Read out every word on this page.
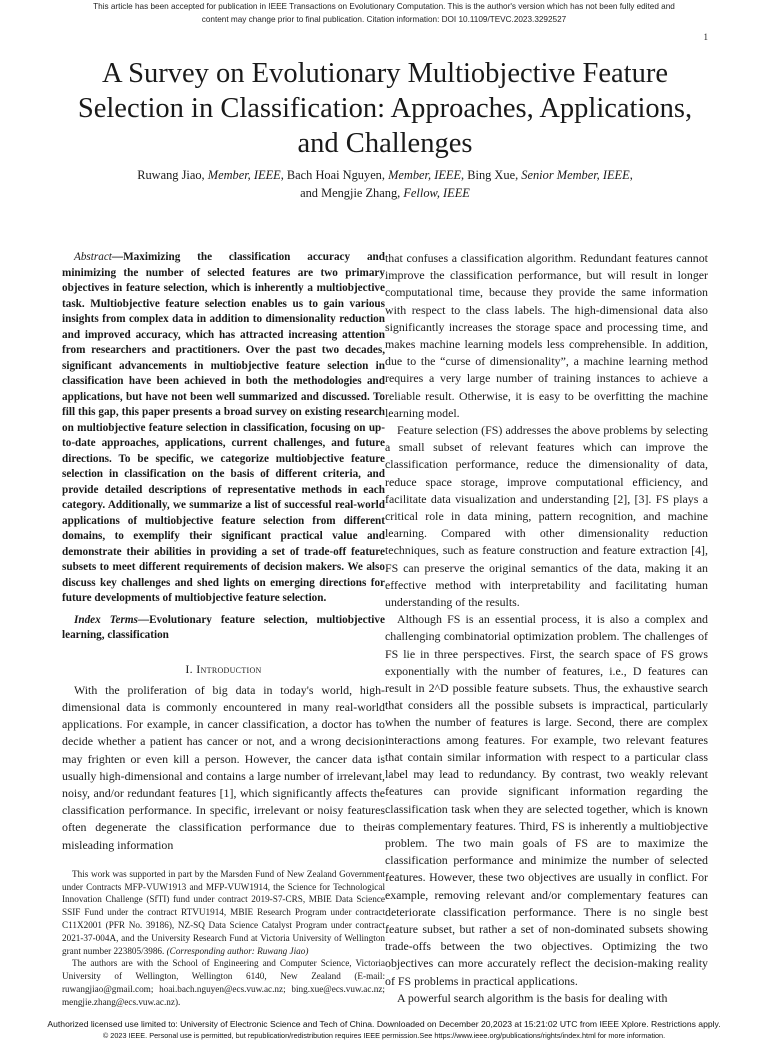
This article has been accepted for publication in IEEE Transactions on Evolutionary Computation. This is the author's version which has not been fully edited and
content may change prior to final publication. Citation information: DOI 10.1109/TEVC.2023.3292527
1
A Survey on Evolutionary Multiobjective Feature Selection in Classification: Approaches, Applications, and Challenges
Ruwang Jiao, Member, IEEE, Bach Hoai Nguyen, Member, IEEE, Bing Xue, Senior Member, IEEE,
and Mengjie Zhang, Fellow, IEEE
Abstract—Maximizing the classification accuracy and minimizing the number of selected features are two primary objectives in feature selection, which is inherently a multiobjective task. Multiobjective feature selection enables us to gain various insights from complex data in addition to dimensionality reduction and improved accuracy, which has attracted increasing attention from researchers and practitioners. Over the past two decades, significant advancements in multiobjective feature selection in classification have been achieved in both the methodologies and applications, but have not been well summarized and discussed. To fill this gap, this paper presents a broad survey on existing research on multiobjective feature selection in classification, focusing on up-to-date approaches, applications, current challenges, and future directions. To be specific, we categorize multiobjective feature selection in classification on the basis of different criteria, and provide detailed descriptions of representative methods in each category. Additionally, we summarize a list of successful real-world applications of multiobjective feature selection from different domains, to exemplify their significant practical value and demonstrate their abilities in providing a set of trade-off feature subsets to meet different requirements of decision makers. We also discuss key challenges and shed lights on emerging directions for future developments of multiobjective feature selection.
Index Terms—Evolutionary feature selection, multiobjective learning, classification
I. Introduction

With the proliferation of big data in today's world, high-dimensional data is commonly encountered in many real-world applications. For example, in cancer classification, a doctor has to decide whether a patient has cancer or not, and a wrong decision may frighten or even kill a person. However, the cancer data is usually high-dimensional and contains a large number of irrelevant, noisy, and/or redundant features [1], which significantly affects the classification performance. In specific, irrelevant or noisy features often degenerate the classification performance due to their misleading information

This work was supported in part by the Marsden Fund of New Zealand Government under Contracts MFP-VUW1913 and MFP-VUW1914, the Science for Technological Innovation Challenge (SfTI) fund under contract 2019-S7-CRS, MBIE Data Science SSIF Fund under the contract RTVU1914, MBIE Research Program under contract C11X2001 (PFR No. 39186), NZ-SQ Data Science Catalyst Program under contract 2021-37-004A, and the University Research Fund at Victoria University of Wellington grant number 223805/3986. (Corresponding author: Ruwang Jiao)

The authors are with the School of Engineering and Computer Science, Victoria University of Wellington, Wellington 6140, New Zealand (E-mail: ruwangjiao@gmail.com; hoai.bach.nguyen@ecs.vuw.ac.nz; bing.xue@ecs.vuw.ac.nz; mengjie.zhang@ecs.vuw.ac.nz).

that confuses a classification algorithm. Redundant features cannot improve the classification performance, but will result in longer computational time, because they provide the same information with respect to the class labels. The high-dimensional data also significantly increases the storage space and processing time, and makes machine learning models less comprehensible. In addition, due to the “curse of dimensionality”, a machine learning method requires a very large number of training instances to achieve a reliable result. Otherwise, it is easy to be overfitting the machine learning model.

Feature selection (FS) addresses the above problems by selecting a small subset of relevant features which can improve the classification performance, reduce the dimensionality of data, reduce space storage, improve computational efficiency, and facilitate data visualization and understanding [2], [3]. FS plays a critical role in data mining, pattern recognition, and machine learning. Compared with other dimensionality reduction techniques, such as feature construction and feature extraction [4], FS can preserve the original semantics of the data, making it an effective method with interpretability and facilitating human understanding of the results.

Although FS is an essential process, it is also a complex and challenging combinatorial optimization problem. The challenges of FS lie in three perspectives. First, the search space of FS grows exponentially with the number of features, i.e., D features can result in 2^D possible feature subsets. Thus, the exhaustive search that considers all the possible subsets is impractical, particularly when the number of features is large. Second, there are complex interactions among features. For example, two relevant features that contain similar information with respect to a particular class label may lead to redundancy. By contrast, two weakly relevant features can provide significant information regarding the classification task when they are selected together, which is known as complementary features. Third, FS is inherently a multiobjective problem. The two main goals of FS are to maximize the classification performance and minimize the number of selected features. However, these two objectives are usually in conflict. For example, removing relevant and/or complementary features can deteriorate classification performance. There is no single best feature subset, but rather a set of non-dominated subsets showing trade-offs between the two objectives. Optimizing the two objectives can more accurately reflect the decision-making reality of FS problems in practical applications.

A powerful search algorithm is the basis for dealing with

Authorized licensed use limited to: University of Electronic Science and Tech of China. Downloaded on December 20,2023 at 15:21:02 UTC from IEEE Xplore. Restrictions apply.
© 2023 IEEE. Personal use is permitted, but republication/redistribution requires IEEE permission.See https://www.ieee.org/publications/rights/index.html for more information.
